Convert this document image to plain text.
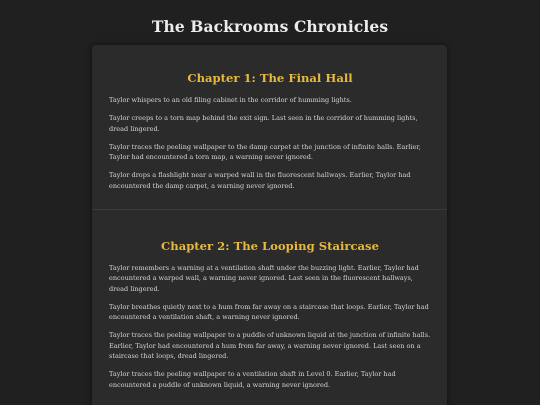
The Backrooms Chronicles
Chapter 1: The Final Hall

Taylor whispers to an old filing cabinet in the corridor of humming lights.

Taylor creeps to a torn map behind the exit sign. Last seen in the corridor of humming lights, dread lingered.

Taylor traces the peeling wallpaper to the damp carpet at the junction of infinite halls. Earlier, Taylor had encountered a torn map, a warning never ignored.

Taylor drops a flashlight near a warped wall in the fluorescent hallways. Earlier, Taylor had encountered the damp carpet, a warning never ignored.

Chapter 2: The Looping Staircase

Taylor remembers a warning at a ventilation shaft under the buzzing light. Earlier, Taylor had encountered a warped wall, a warning never ignored. Last seen in the fluorescent hallways, dread lingered.

Taylor breathes quietly next to a hum from far away on a staircase that loops. Earlier, Taylor had encountered a ventilation shaft, a warning never ignored.

Taylor traces the peeling wallpaper to a puddle of unknown liquid at the junction of infinite halls. Earlier, Taylor had encountered a hum from far away, a warning never ignored. Last seen on a staircase that loops, dread lingered.

Taylor traces the peeling wallpaper to a ventilation shaft in Level 0. Earlier, Taylor had encountered a puddle of unknown liquid, a warning never ignored.
